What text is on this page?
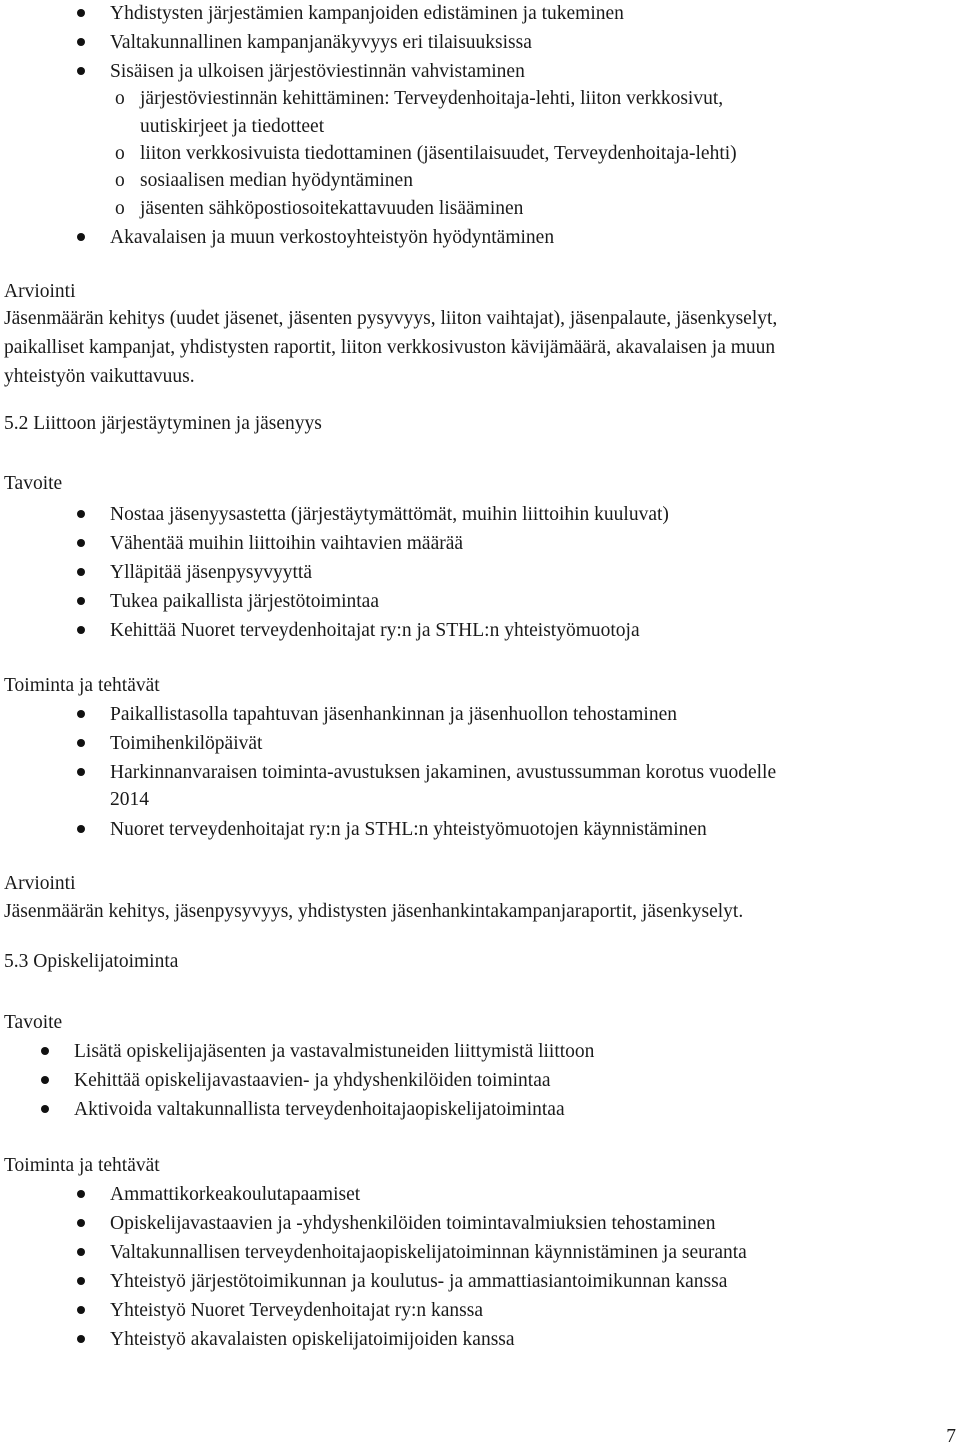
Yhdistysten järjestämien kampanjoiden edistäminen ja tukeminen
Valtakunnallinen kampanjanäkyvyys eri tilaisuuksissa
Sisäisen ja ulkoisen järjestöviestinnän vahvistaminen
o järjestöviestinnän kehittäminen: Terveydenhoitaja-lehti, liiton verkkosivut,
uutiskirjeet ja tiedotteet
o liiton verkkosivuista tiedottaminen (jäsentilaisuudet, Terveydenhoitaja-lehti)
o sosiaalisen median hyödyntäminen
o jäsenten sähköpostiosoitekattavuuden lisääminen
Akavalaisen ja muun verkostoyhteistyön hyödyntäminen
Arviointi
Jäsenmäärän kehitys (uudet jäsenet, jäsenten pysyvyys, liiton vaihtajat), jäsenpalaute, jäsenkyselyt,
paikalliset kampanjat, yhdistysten raportit, liiton verkkosivuston kävijämäärä, akavalaisen ja muun
yhteistyön vaikuttavuus.
5.2 Liittoon järjestäytyminen ja jäsenyys
Tavoite
Nostaa jäsenyysastetta (järjestäytymättömät, muihin liittoihin kuuluvat)
Vähentää muihin liittoihin vaihtavien määrää
Ylläpitää jäsenpysyvyyttä
Tukea paikallista järjestötoimintaa
Kehittää Nuoret terveydenhoitajat ry:n ja STHL:n yhteistyömuotoja
Toiminta ja tehtävät
Paikallistasolla tapahtuvan jäsenhankinnan ja jäsenhuollon tehostaminen
Toimihenkilöpäivät
Harkinnanvaraisen toiminta-avustuksen jakaminen, avustussumman korotus vuodelle
2014
Nuoret terveydenhoitajat ry:n ja STHL:n yhteistyömuotojen käynnistäminen
Arviointi
Jäsenmäärän kehitys, jäsenpysyvyys, yhdistysten jäsenhankintakampanjaraportit, jäsenkyselyt.
5.3 Opiskelijatoiminta
Tavoite
Lisätä opiskelijajäsenten ja vastavalmistuneiden liittymistä liittoon
Kehittää opiskelijavastaavien- ja yhdyshenkilöiden toimintaa
Aktivoida valtakunnallista terveydenhoitajaopiskelijatoimintaa
Toiminta ja tehtävät
Ammattikorkeakoulutapaamiset
Opiskelijavastaavien ja -yhdyshenkilöiden toimintavalmiuksien tehostaminen
Valtakunnallisen terveydenhoitajaopiskelijatoiminnan käynnistäminen ja seuranta
Yhteistyö järjestötoimikunnan ja koulutus- ja ammattiasiantoimikunnan kanssa
Yhteistyö Nuoret Terveydenhoitajat ry:n kanssa
Yhteistyö akavalaisten opiskelijatoimijoiden kanssa
7
